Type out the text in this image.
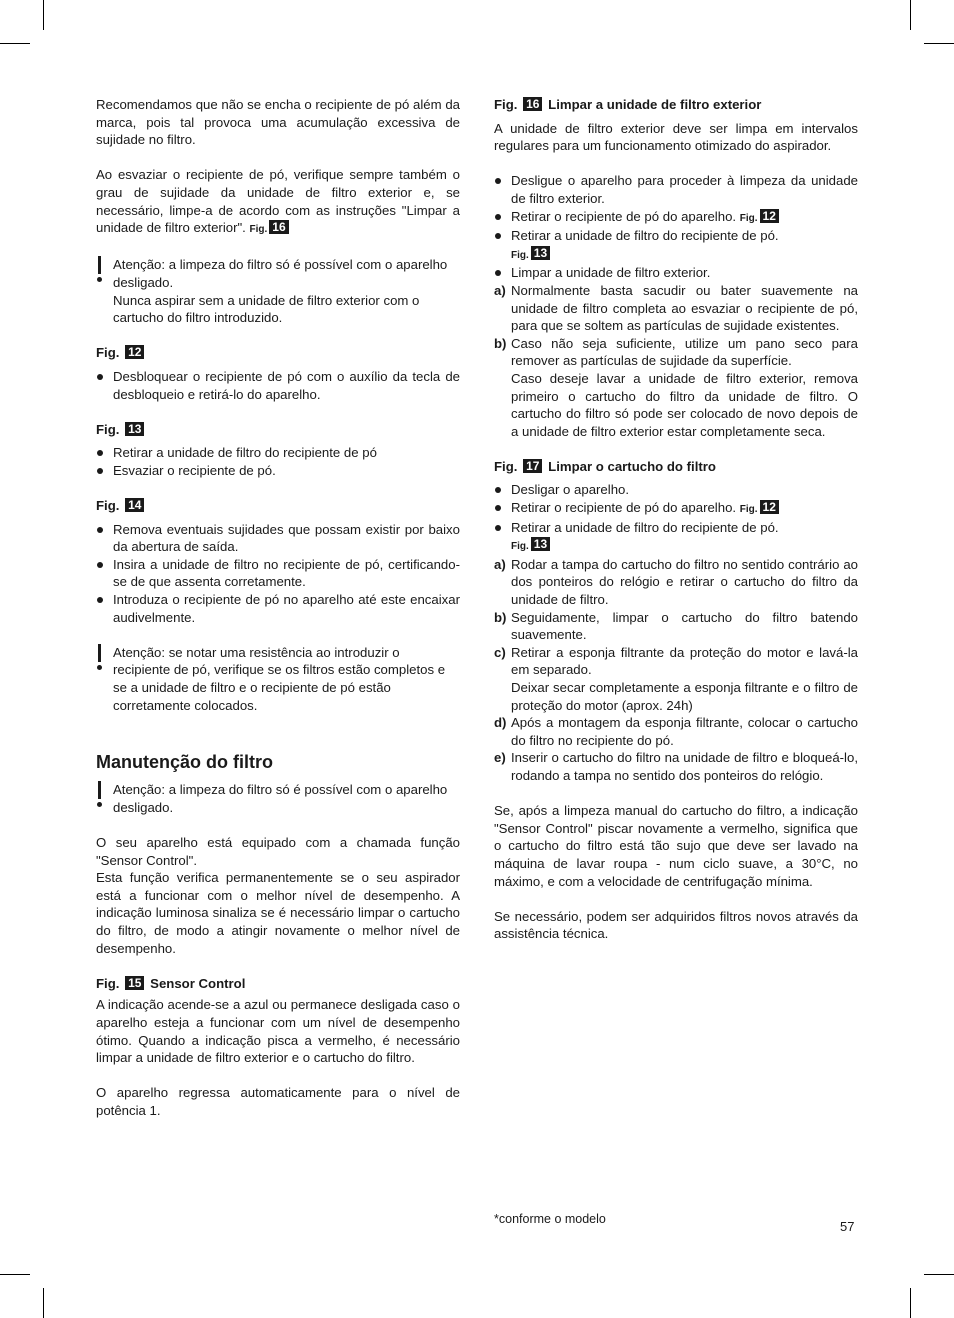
Recomendamos que não se encha o recipiente de pó além da marca, pois tal provoca uma acumulação excessiva de sujidade no filtro.

Ao esvaziar o recipiente de pó, verifique sempre também o grau de sujidade da unidade de filtro exterior e, se necessário, limpe-a de acordo com as instruções "Limpar a unidade de filtro exterior". Fig. 16

Atenção: a limpeza do filtro só é possível com o aparelho desligado.

Nunca aspirar sem a unidade de filtro exterior com o cartucho do filtro introduzido.

Fig. 12

Desbloquear o recipiente de pó com o auxílio da tecla de desbloqueio e retirá-lo do aparelho.

Fig. 13

Retirar a unidade de filtro do recipiente de pó
Esvaziar o recipiente de pó.

Fig. 14

Remova eventuais sujidades que possam existir por baixo da abertura de saída.
Insira a unidade de filtro no recipiente de pó, certificando-se de que assenta corretamente.
Introduza o recipiente de pó no aparelho até este encaixar audivelmente.

Atenção: se notar uma resistência ao introduzir o recipiente de pó, verifique se os filtros estão completos e se a unidade de filtro e o recipiente de pó estão corretamente colocados.

Manutenção do filtro

Atenção: a limpeza do filtro só é possível com o aparelho desligado.

O seu aparelho está equipado com a chamada função "Sensor Control".

Esta função verifica permanentemente se o seu aspirador está a funcionar com o melhor nível de desempenho. A indicação luminosa sinaliza se é necessário limpar o cartucho do filtro, de modo a atingir novamente o melhor nível de desempenho.

Fig. 15 Sensor Control

A indicação acende-se a azul ou permanece desligada caso o aparelho esteja a funcionar com um nível de desempenho ótimo. Quando a indicação pisca a vermelho, é necessário limpar a unidade de filtro exterior e o cartucho do filtro.

O aparelho regressa automaticamente para o nível de potência 1.

Fig. 16 Limpar a unidade de filtro exterior

A unidade de filtro exterior deve ser limpa em intervalos regulares para um funcionamento otimizado do aspirador.

Desligue o aparelho para proceder à limpeza da unidade de filtro exterior.
Retirar o recipiente de pó do aparelho. Fig. 12
Retirar a unidade de filtro do recipiente de pó.
Fig. 13
Limpar a unidade de filtro exterior.
a) Normalmente basta sacudir ou bater suavemente na unidade de filtro completa ao esvaziar o recipiente de pó, para que se soltem as partículas de sujidade existentes.
b) Caso não seja suficiente, utilize um pano seco para remover as partículas de sujidade da superfície.
Caso deseje lavar a unidade de filtro exterior, remova primeiro o cartucho do filtro da unidade de filtro. O cartucho do filtro só pode ser colocado de novo depois de a unidade de filtro exterior estar completamente seca.

Fig. 17 Limpar o cartucho do filtro

Desligar o aparelho.
Retirar o recipiente de pó do aparelho. Fig. 12
Retirar a unidade de filtro do recipiente de pó.
Fig. 13
a) Rodar a tampa do cartucho do filtro no sentido contrário ao dos ponteiros do relógio e retirar o cartucho do filtro da unidade de filtro.
b) Seguidamente, limpar o cartucho do filtro batendo suavemente.
c) Retirar a esponja filtrante da proteção do motor e lavá-la em separado.
Deixar secar completamente a esponja filtrante e o filtro de proteção do motor (aprox. 24h)
d) Após a montagem da esponja filtrante, colocar o cartucho do filtro no recipiente do pó.
e) Inserir o cartucho do filtro na unidade de filtro e bloqueá-lo, rodando a tampa no sentido dos ponteiros do relógio.

Se, após a limpeza manual do cartucho do filtro, a indicação "Sensor Control" piscar novamente a vermelho, significa que o cartucho do filtro está tão sujo que deve ser lavado na máquina de lavar roupa - num ciclo suave, a 30°C, no máximo, e com a velocidade de centrifugação mínima.

Se necessário, podem ser adquiridos filtros novos através da assistência técnica.

*conforme o modelo	57
